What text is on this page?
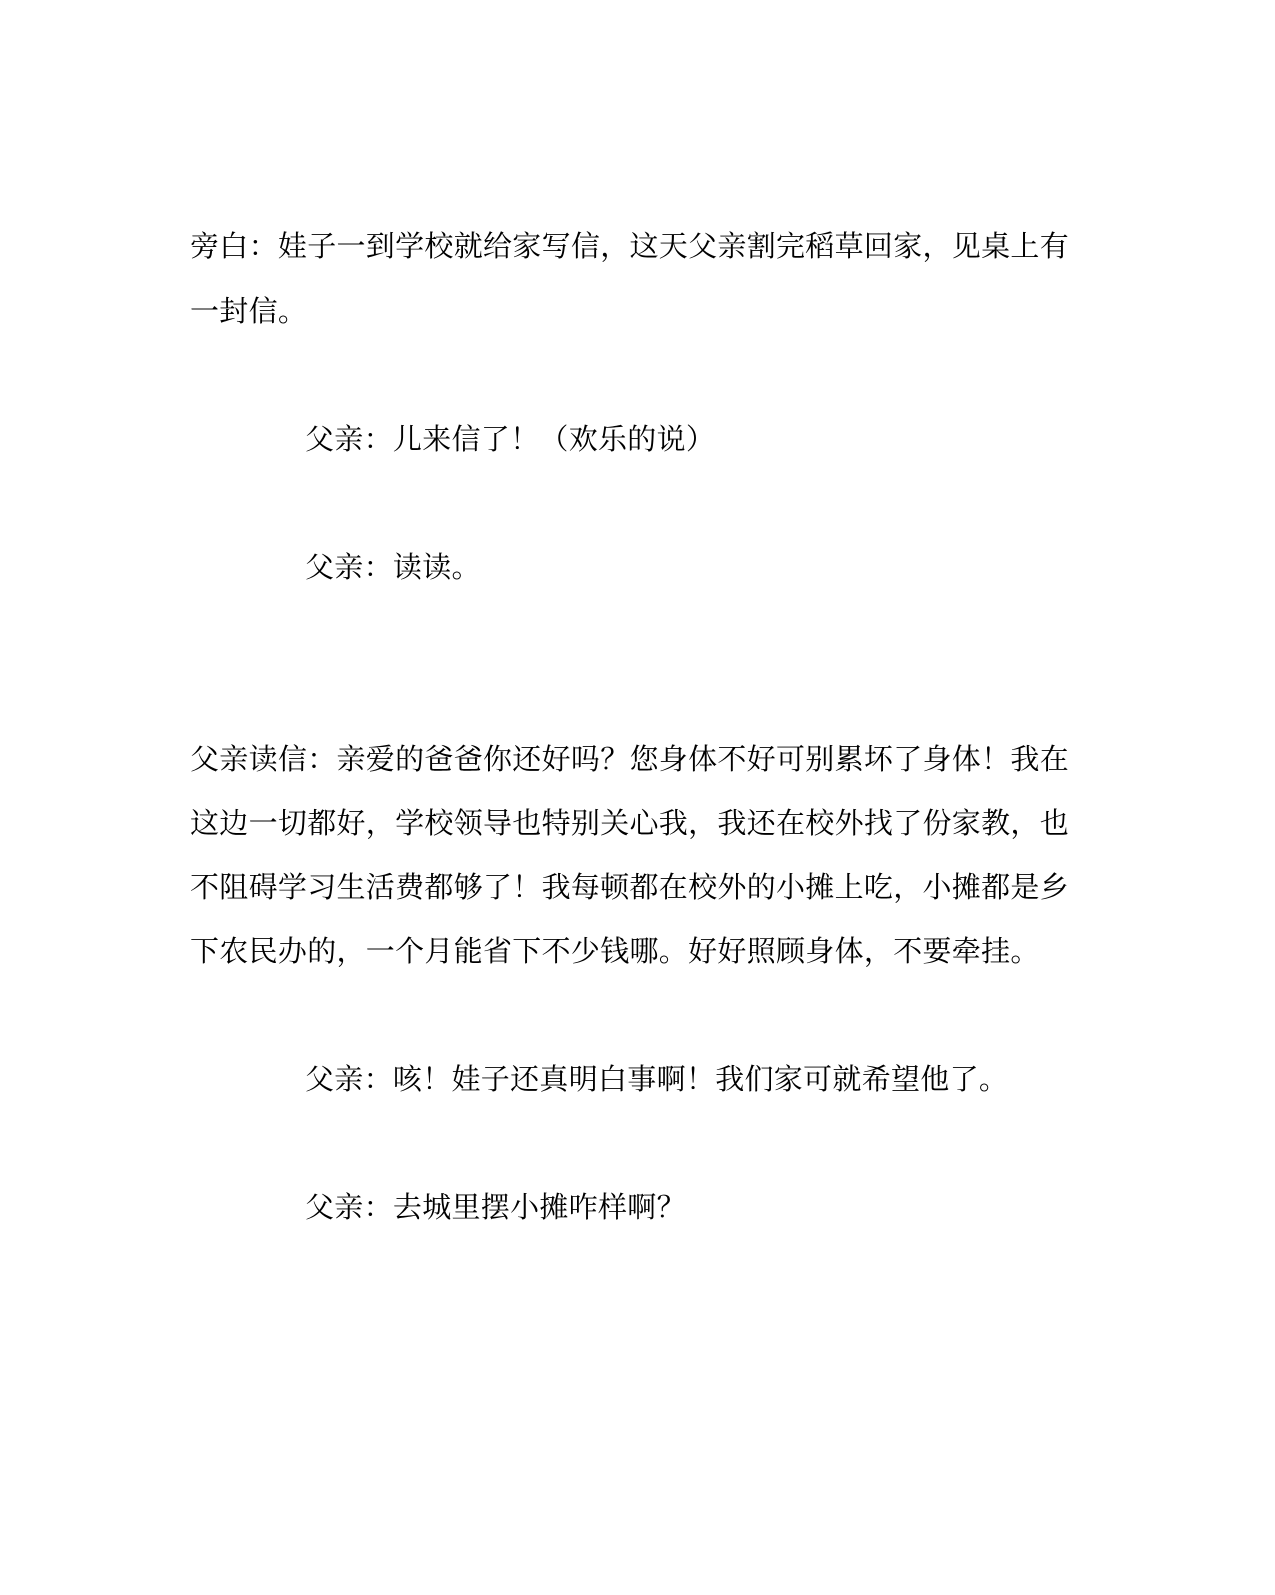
旁白：娃子一到学校就给家写信，这天父亲割完稻草回家，见桌上有
一封信。
父亲：儿来信了！（欢乐的说）
父亲：读读。
父亲读信：亲爱的爸爸你还好吗？您身体不好可别累坏了身体！我在
这边一切都好，学校领导也特别关心我，我还在校外找了份家教，也
不阻碍学习生活费都够了！我每顿都在校外的小摊上吃，小摊都是乡
下农民办的，一个月能省下不少钱哪。好好照顾身体，不要牵挂。
父亲：咳！娃子还真明白事啊！我们家可就希望他了。
父亲：去城里摆小摊咋样啊？
